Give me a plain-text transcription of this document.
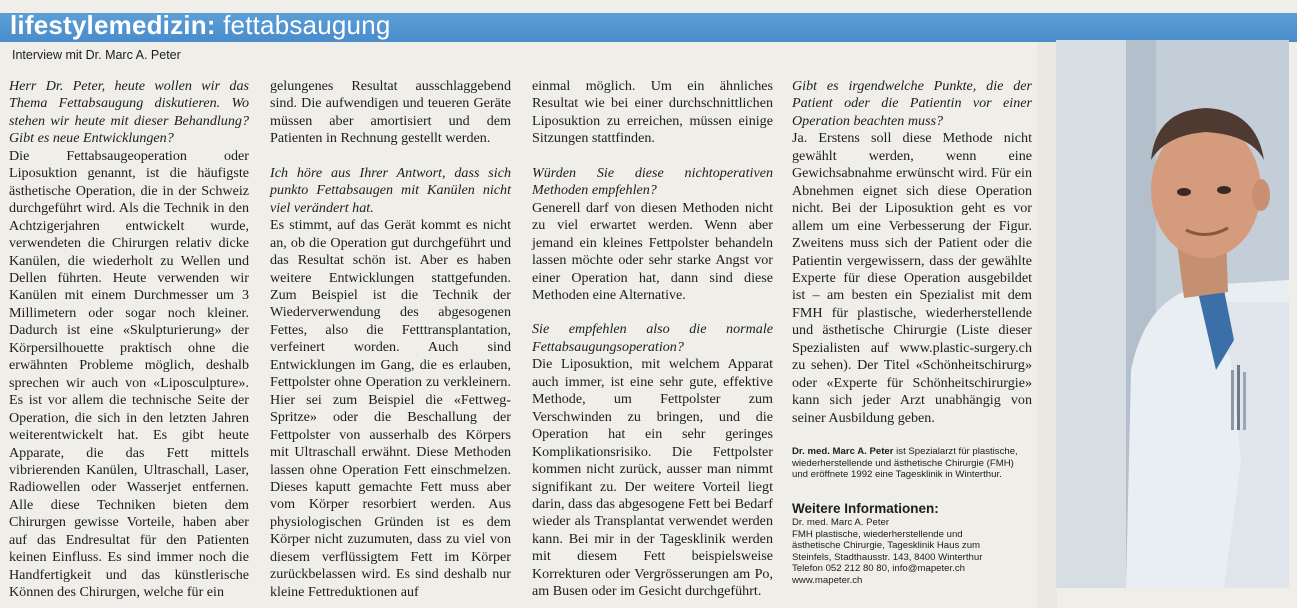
lifestylemedizin: fettabsaugung
Interview mit Dr. Marc A. Peter

Herr Dr. Peter, heute wollen wir das Thema Fettabsaugung diskutieren. Wo stehen wir heute mit dieser Behandlung? Gibt es neue Entwicklungen?

Die Fettabsaugeoperation oder Liposuktion genannt, ist die häufigste ästhetische Operation, die in der Schweiz durchgeführt wird. Als die Technik in den Achtzigerjahren entwickelt wurde, verwendeten die Chirurgen relativ dicke Kanülen, die wiederholt zu Wellen und Dellen führten. Heute verwenden wir Kanülen mit einem Durchmesser um 3 Millimetern oder sogar noch kleiner. Dadurch ist eine «Skulpturierung» der Körpersilhouette praktisch ohne die erwähnten Probleme möglich, deshalb sprechen wir auch von «Liposculpture». Es ist vor allem die technische Seite der Operation, die sich in den letzten Jahren weiterentwickelt hat. Es gibt heute Apparate, die das Fett mittels vibrierenden Kanülen, Ultraschall, Laser, Radiowellen oder Wasserjet entfernen. Alle diese Techniken bieten dem Chirurgen gewisse Vorteile, haben aber auf das Endresultat für den Patienten keinen Einfluss. Es sind immer noch die Handfertigkeit und das künstlerische Können des Chirurgen, welche für ein

gelungenes Resultat ausschlaggebend sind. Die aufwendigen und teueren Geräte müssen aber amortisiert und dem Patienten in Rechnung gestellt werden.

Ich höre aus Ihrer Antwort, dass sich punkto Fettabsaugen mit Kanülen nicht viel verändert hat.

Es stimmt, auf das Gerät kommt es nicht an, ob die Operation gut durchgeführt und das Resultat schön ist. Aber es haben weitere Entwicklungen stattgefunden. Zum Beispiel ist die Technik der Wiederverwendung des abgesogenen Fettes, also die Fetttransplantation, verfeinert worden. Auch sind Entwicklungen im Gang, die es erlauben, Fettpolster ohne Operation zu verkleinern. Hier sei zum Beispiel die «Fettweg-Spritze» oder die Beschallung der Fettpolster von ausserhalb des Körpers mit Ultraschall erwähnt. Diese Methoden lassen ohne Operation Fett einschmelzen. Dieses kaputt gemachte Fett muss aber vom Körper resorbiert werden. Aus physiologischen Gründen ist es dem Körper nicht zuzumuten, dass zu viel von diesem verflüssigtem Fett im Körper zurückbelassen wird. Es sind deshalb nur kleine Fettreduktionen auf

einmal möglich. Um ein ähnliches Resultat wie bei einer durchschnittlichen Liposuktion zu erreichen, müssen einige Sitzungen stattfinden.

Würden Sie diese nichtoperativen Methoden empfehlen?

Generell darf von diesen Methoden nicht zu viel erwartet werden. Wenn aber jemand ein kleines Fettpolster behandeln lassen möchte oder sehr starke Angst vor einer Operation hat, dann sind diese Methoden eine Alternative.

Sie empfehlen also die normale Fettabsaugungsoperation?

Die Liposuktion, mit welchem Apparat auch immer, ist eine sehr gute, effektive Methode, um Fettpolster zum Verschwinden zu bringen, und die Operation hat ein sehr geringes Komplikationsrisiko. Die Fettpolster kommen nicht zurück, ausser man nimmt signifikant zu. Der weitere Vorteil liegt darin, dass das abgesogene Fett bei Bedarf wieder als Transplantat verwendet werden kann. Bei mir in der Tagesklinik werden mit diesem Fett beispielsweise Korrekturen oder Vergrösserungen am Po, am Busen oder im Gesicht durchgeführt.

Gibt es irgendwelche Punkte, die der Patient oder die Patientin vor einer Operation beachten muss?

Ja. Erstens soll diese Methode nicht gewählt werden, wenn eine Gewichsabnahme erwünscht wird. Für ein Abnehmen eignet sich diese Operation nicht. Bei der Liposuktion geht es vor allem um eine Verbesserung der Figur. Zweitens muss sich der Patient oder die Patientin vergewissern, dass der gewählte Experte für diese Operation ausgebildet ist – am besten ein Spezialist mit dem FMH für plastische, wiederherstellende und ästhetische Chirurgie (Liste dieser Spezialisten auf www.plastic-surgery.ch zu sehen). Der Titel «Schönheitschirurg» oder «Experte für Schönheitschirurgie» kann sich jeder Arzt unabhängig von seiner Ausbildung geben.

Dr. med. Marc A. Peter ist Spezialarzt für plastische, wiederherstellende und ästhetische Chirurgie (FMH) und eröffnete 1992 eine Tagesklinik in Winterthur.
Weitere Informationen:
Dr. med. Marc A. Peter
FMH plastische, wiederherstellende und
ästhetische Chirurgie, Tagesklinik Haus zum
Steinfels, Stadthausstr. 143, 8400 Winterthur
Telefon 052 212 80 80, info@mapeter.ch
www.mapeter.ch
